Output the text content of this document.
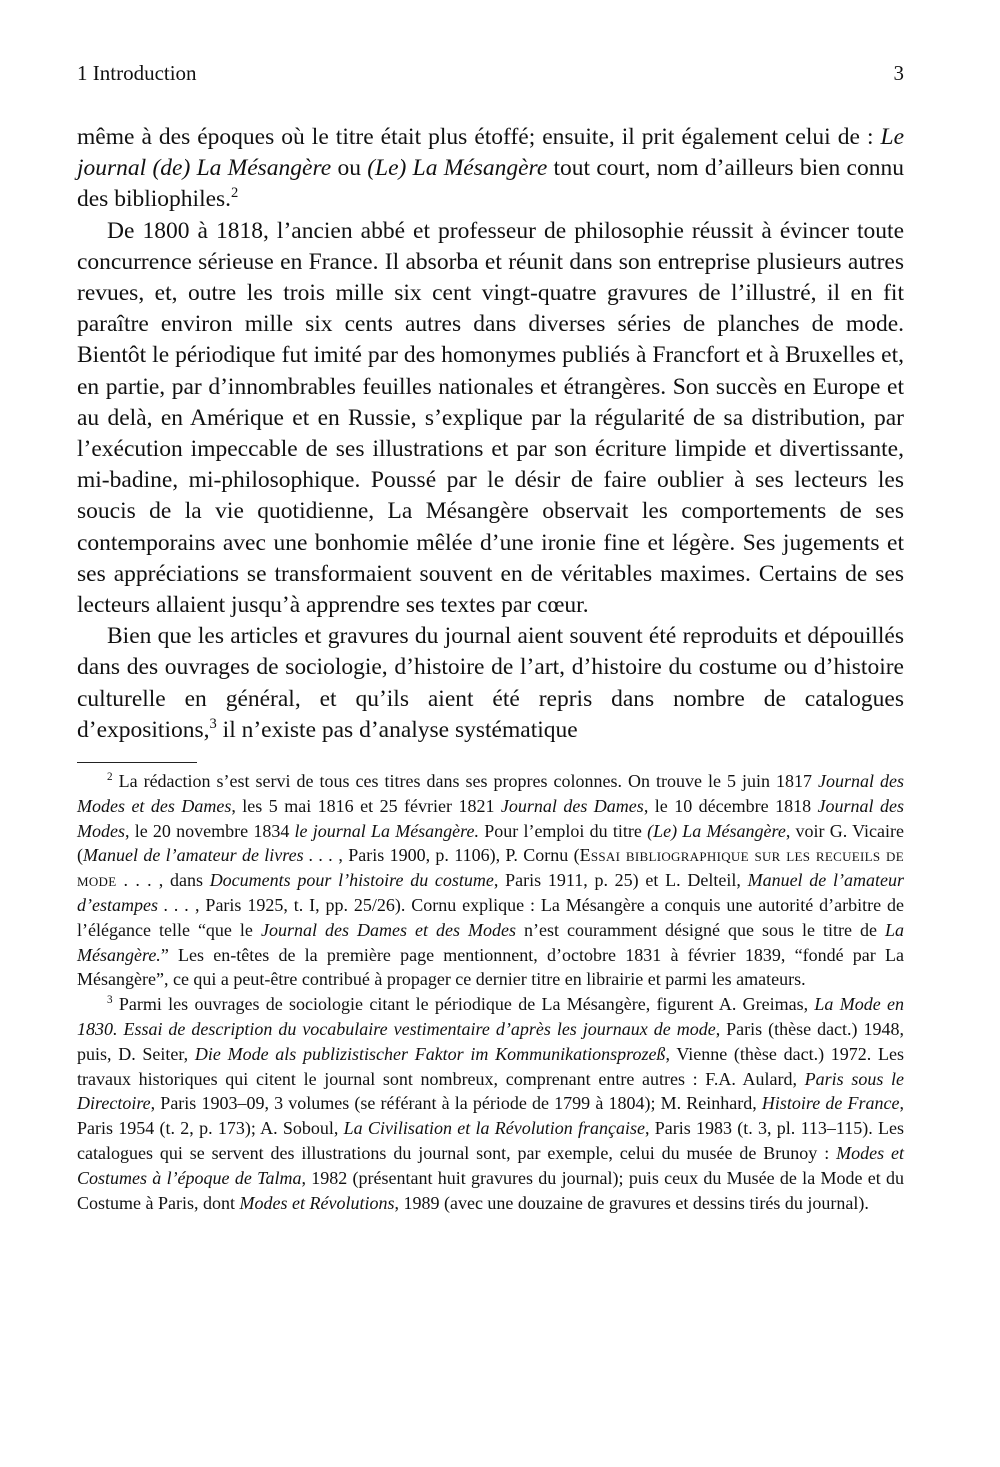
1 Introduction	3

même à des époques où le titre était plus étoffé; ensuite, il prit également celui de : Le journal (de) La Mésangère ou (Le) La Mésangère tout court, nom d’ailleurs bien connu des bibliophiles.$^2$

De 1800 à 1818, l’ancien abbé et professeur de philosophie réussit à évincer toute concurrence sérieuse en France. Il absorba et réunit dans son entreprise plusieurs autres revues, et, outre les trois mille six cent vingt-quatre gravures de l’illustré, il en fit paraître environ mille six cents autres dans diverses séries de planches de mode. Bientôt le périodique fut imité par des homonymes publiés à Francfort et à Bruxelles et, en partie, par d’innombrables feuilles nationales et étrangères. Son succès en Europe et au delà, en Amérique et en Russie, s’explique par la régularité de sa distribution, par l’exécution impeccable de ses illustrations et par son écriture limpide et divertissante, mi-badine, mi-philosophique. Poussé par le désir de faire oublier à ses lecteurs les soucis de la vie quotidienne, La Mésangère observait les comportements de ses contemporains avec une bonhomie mêlée d’une ironie fine et légère. Ses jugements et ses appréciations se transformaient souvent en de véritables maximes. Certains de ses lecteurs allaient jusqu’à apprendre ses textes par cœur.

Bien que les articles et gravures du journal aient souvent été reproduits et dépouillés dans des ouvrages de sociologie, d’histoire de l’art, d’histoire du costume ou d’histoire culturelle en général, et qu’ils aient été repris dans nombre de catalogues d’expositions,$^3$ il n’existe pas d’analyse systématique

$^2$ La rédaction s’est servi de tous ces titres dans ses propres colonnes. On trouve le 5 juin 1817 Journal des Modes et des Dames, les 5 mai 1816 et 25 février 1821 Journal des Dames, le 10 décembre 1818 Journal des Modes, le 20 novembre 1834 le journal La Mésangère. Pour l’emploi du titre (Le) La Mésangère, voir G. Vicaire (Manuel de l’amateur de livres . . . , Paris 1900, p. 1106), P. Cornu (Essai bibliographique sur les recueils de mode . . . , dans Documents pour l’histoire du costume, Paris 1911, p. 25) et L. Delteil, Manuel de l’amateur d’estampes . . . , Paris 1925, t. I, pp. 25/26). Cornu explique : La Mésangère a conquis une autorité d’arbitre de l’élégance telle “que le Journal des Dames et des Modes n’est couramment désigné que sous le titre de La Mésangère.” Les en-têtes de la première page mentionnent, d’octobre 1831 à février 1839, “fondé par La Mésangère”, ce qui a peut-être contribué à propager ce dernier titre en librairie et parmi les amateurs.

$^3$ Parmi les ouvrages de sociologie citant le périodique de La Mésangère, figurent A. Greimas, La Mode en 1830. Essai de description du vocabulaire vestimentaire d’après les journaux de mode, Paris (thèse dact.) 1948, puis, D. Seiter, Die Mode als publizistischer Faktor im Kommunikationsprozeß, Vienne (thèse dact.) 1972. Les travaux historiques qui citent le journal sont nombreux, comprenant entre autres : F.A. Aulard, Paris sous le Directoire, Paris 1903–09, 3 volumes (se référant à la période de 1799 à 1804); M. Reinhard, Histoire de France, Paris 1954 (t. 2, p. 173); A. Soboul, La Civilisation et la Révolution française, Paris 1983 (t. 3, pl. 113–115). Les catalogues qui se servent des illustrations du journal sont, par exemple, celui du musée de Brunoy : Modes et Costumes à l’époque de Talma, 1982 (présentant huit gravures du journal); puis ceux du Musée de la Mode et du Costume à Paris, dont Modes et Révolutions, 1989 (avec une douzaine de gravures et dessins tirés du journal).
